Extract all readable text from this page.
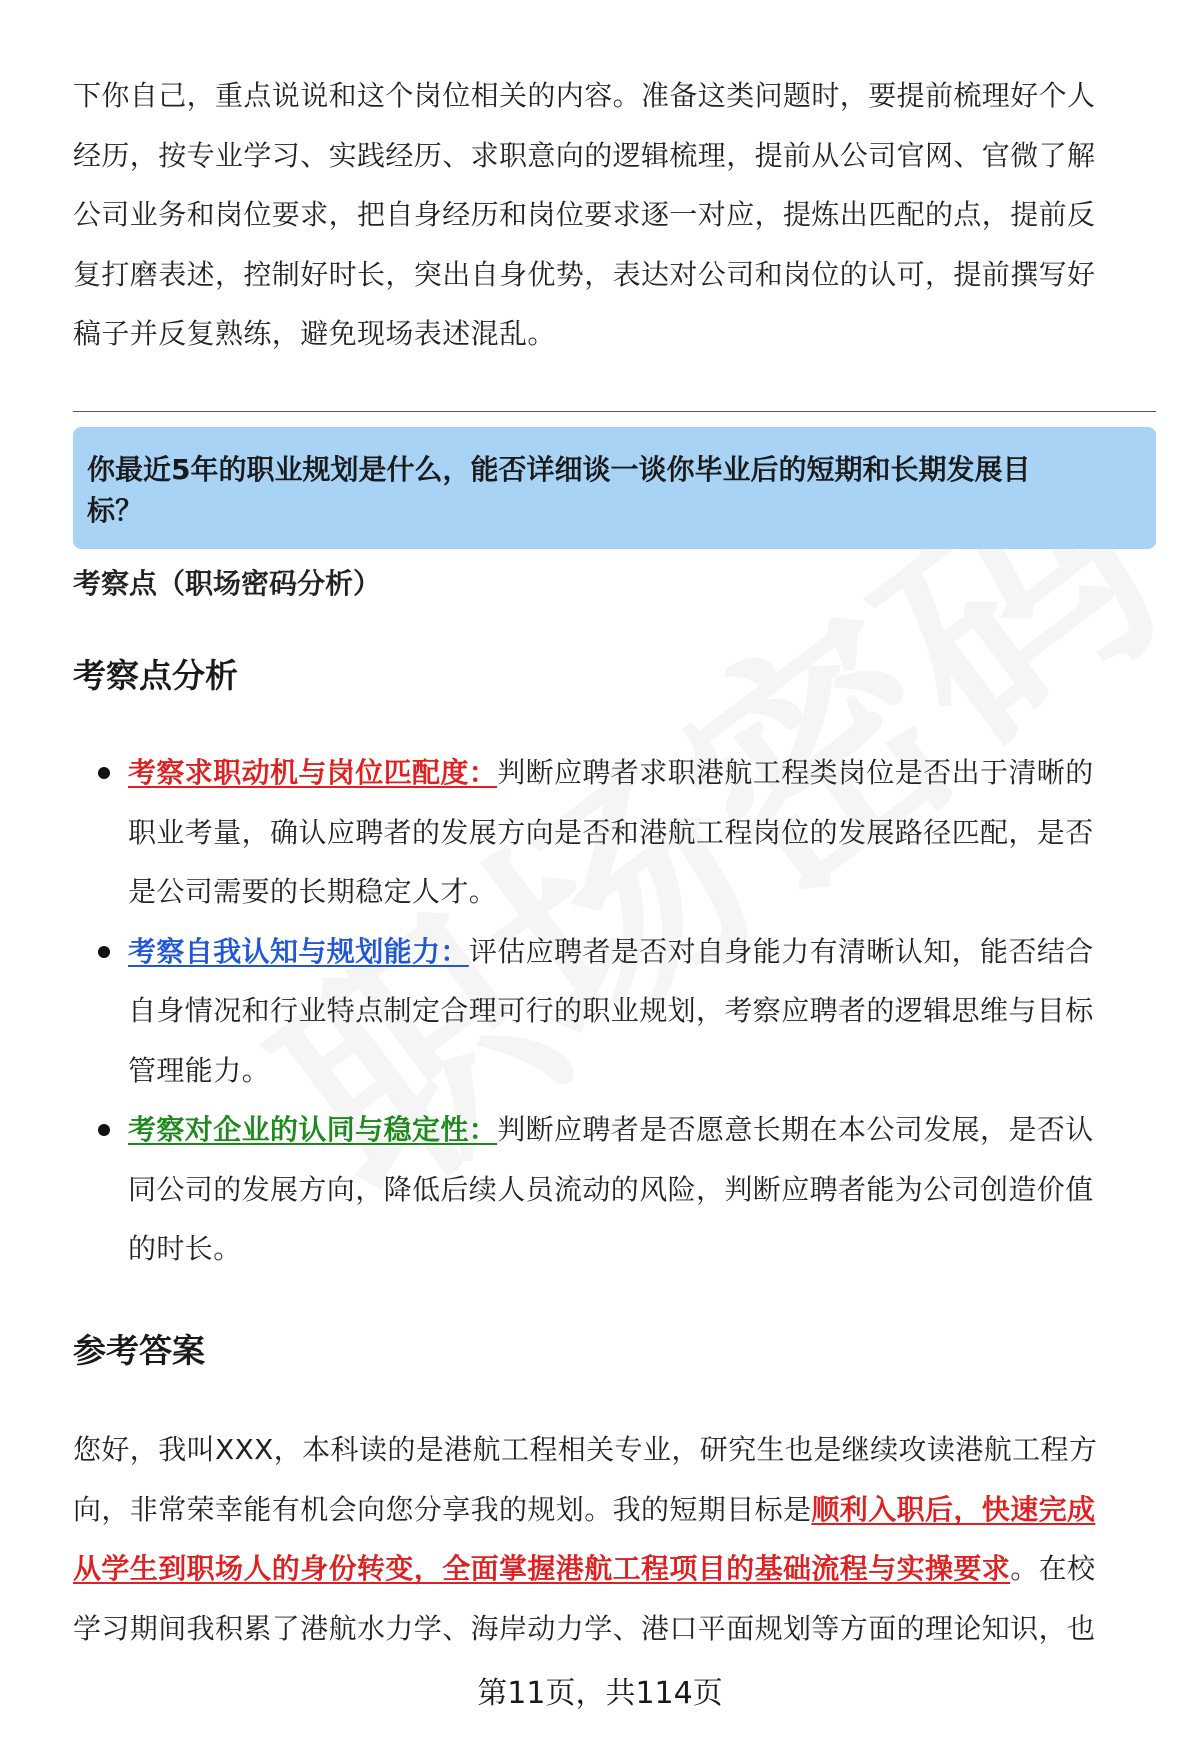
下你自己，重点说说和这个岗位相关的内容。准备这类问题时，要提前梳理好个人

经历，按专业学习、实践经历、求职意向的逻辑梳理，提前从公司官网、官微了解

公司业务和岗位要求，把自身经历和岗位要求逐一对应，提炼出匹配的点，提前反

复打磨表述，控制好时长，突出自身优势，表达对公司和岗位的认可，提前撰写好

稿子并反复熟练，避免现场表述混乱。

你最近5年的职业规划是什么，能否详细谈一谈你毕业后的短期和长期发展目

标？

考察点（职场密码分析）

考察点分析
考察求职动机与岗位匹配度：判断应聘者求职港航工程类岗位是否出于清晰的
职业考量，确认应聘者的发展方向是否和港航工程岗位的发展路径匹配，是否
是公司需要的长期稳定人才。
考察自我认知与规划能力：评估应聘者是否对自身能力有清晰认知，能否结合
自身情况和行业特点制定合理可行的职业规划，考察应聘者的逻辑思维与目标
管理能力。
考察对企业的认同与稳定性：判断应聘者是否愿意长期在本公司发展，是否认
同公司的发展方向，降低后续人员流动的风险，判断应聘者能为公司创造价值
的时长。
参考答案

您好，我叫XXX，本科读的是港航工程相关专业，研究生也是继续攻读港航工程方

向，非常荣幸能有机会向您分享我的规划。我的短期目标是顺利入职后，快速完成

从学生到职场人的身份转变，全面掌握港航工程项目的基础流程与实操要求。在校

学习期间我积累了港航水力学、海岸动力学、港口平面规划等方面的理论知识，也

第11页，共114页
